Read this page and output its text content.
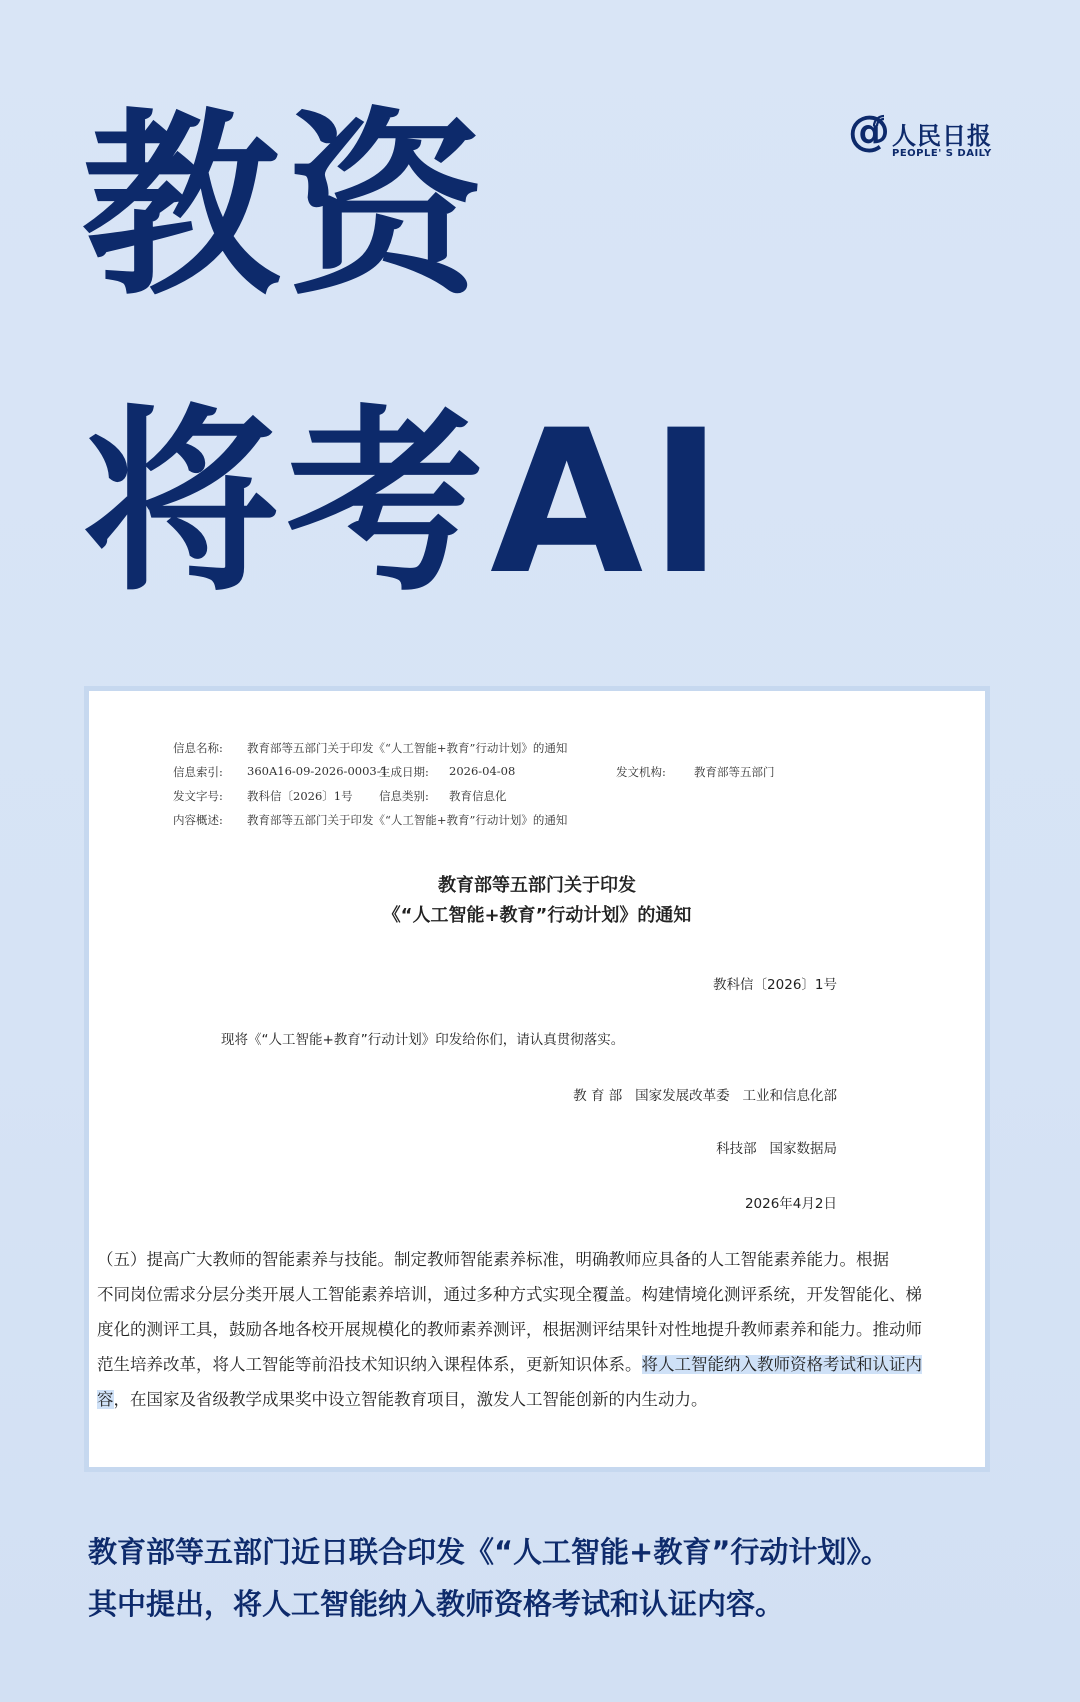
教资
将考AI
@ 人民日报
PEOPLE' S DAILY
信息名称: 教育部等五部门关于印发《“人工智能+教育”行动计划》的通知
信息索引: 360A16-09-2026-0003-1
生成日期: 2026-04-08	发文机构: 教育部等五部门
发文字号: 教科信〔2026〕1号 信息类别: 教育信息化
内容概述: 教育部等五部门关于印发《“人工智能+教育”行动计划》的通知
教育部等五部门关于印发
《“人工智能+教育”行动计划》的通知
教科信〔2026〕1号
现将《“人工智能+教育”行动计划》印发给你们，请认真贯彻落实。
教 育 部   国家发展改革委   工业和信息化部
科技部   国家数据局
2026年4月2日
（五）提高广大教师的智能素养与技能。制定教师智能素养标准，明确教师应具备的人工智能素养能力。根据
不同岗位需求分层分类开展人工智能素养培训，通过多种方式实现全覆盖。构建情境化测评系统，开发智能化、梯
度化的测评工具，鼓励各地各校开展规模化的教师素养测评，根据测评结果针对性地提升教师素养和能力。推动师
范生培养改革，将人工智能等前沿技术知识纳入课程体系，更新知识体系。将人工智能纳入教师资格考试和认证内
容，在国家及省级教学成果奖中设立智能教育项目，激发人工智能创新的内生动力。

教育部等五部门近日联合印发《“人工智能+教育”行动计划》。

其中提出，将人工智能纳入教师资格考试和认证内容。
